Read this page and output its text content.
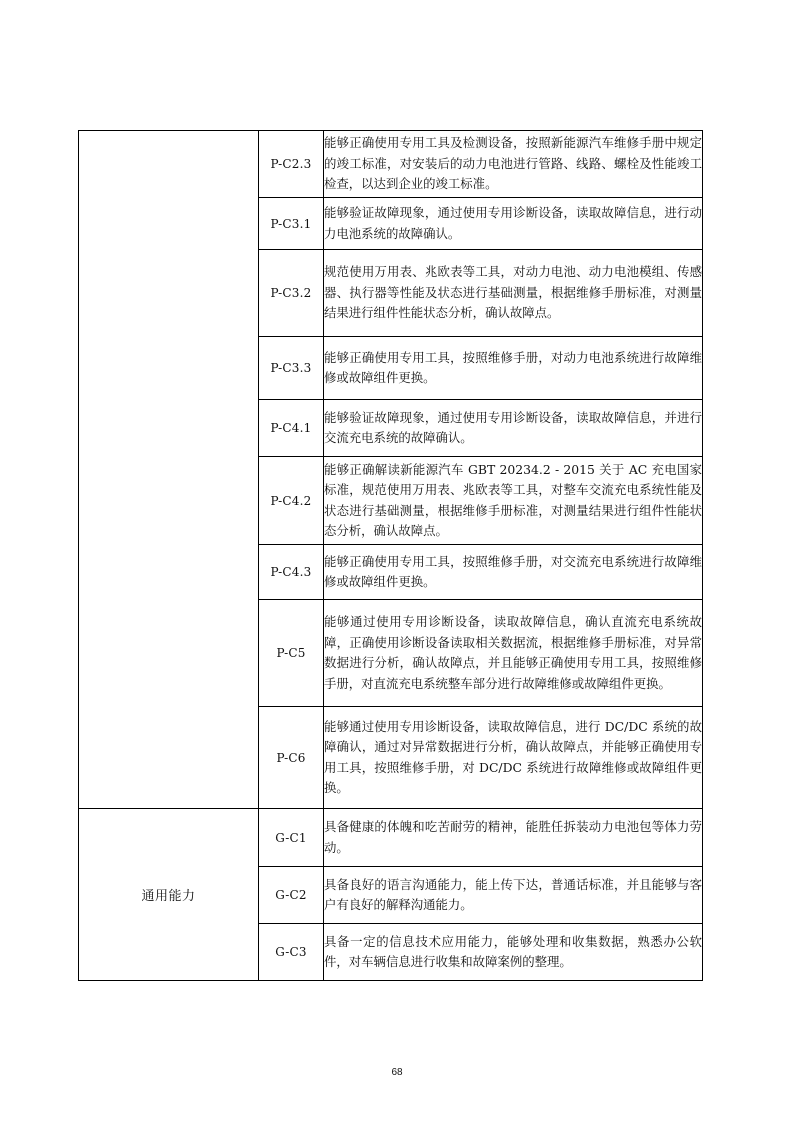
	P-C2.3	能够正确使用专用工具及检测设备，按照新能源汽车维修手册中规定的竣工标准，对安装后的动力电池进行管路、线路、螺栓及性能竣工检查，以达到企业的竣工标准。
	P-C3.1	能够验证故障现象，通过使用专用诊断设备，读取故障信息，进行动力电池系统的故障确认。
	P-C3.2	规范使用万用表、兆欧表等工具，对动力电池、动力电池模组、传感器、执行器等性能及状态进行基础测量，根据维修手册标准，对测量结果进行组件性能状态分析，确认故障点。
	P-C3.3	能够正确使用专用工具，按照维修手册，对动力电池系统进行故障维修或故障组件更换。
	P-C4.1	能够验证故障现象，通过使用专用诊断设备，读取故障信息，并进行交流充电系统的故障确认。
	P-C4.2	能够正确解读新能源汽车 GBT 20234.2 - 2015 关于 AC 充电国家标准，规范使用万用表、兆欧表等工具，对整车交流充电系统性能及状态进行基础测量，根据维修手册标准，对测量结果进行组件性能状态分析，确认故障点。
	P-C4.3	能够正确使用专用工具，按照维修手册，对交流充电系统进行故障维修或故障组件更换。
	P-C5	能够通过使用专用诊断设备，读取故障信息，确认直流充电系统故障，正确使用诊断设备读取相关数据流，根据维修手册标准，对异常数据进行分析，确认故障点，并且能够正确使用专用工具，按照维修手册，对直流充电系统整车部分进行故障维修或故障组件更换。
	P-C6	能够通过使用专用诊断设备，读取故障信息，进行 DC/DC 系统的故障确认，通过对异常数据进行分析，确认故障点，并能够正确使用专用工具，按照维修手册，对 DC/DC 系统进行故障维修或故障组件更换。
通用能力	G-C1	具备健康的体魄和吃苦耐劳的精神，能胜任拆装动力电池包等体力劳动。
	G-C2	具备良好的语言沟通能力，能上传下达，普通话标准，并且能够与客户有良好的解释沟通能力。
	G-C3	具备一定的信息技术应用能力，能够处理和收集数据，熟悉办公软件，对车辆信息进行收集和故障案例的整理。
68
